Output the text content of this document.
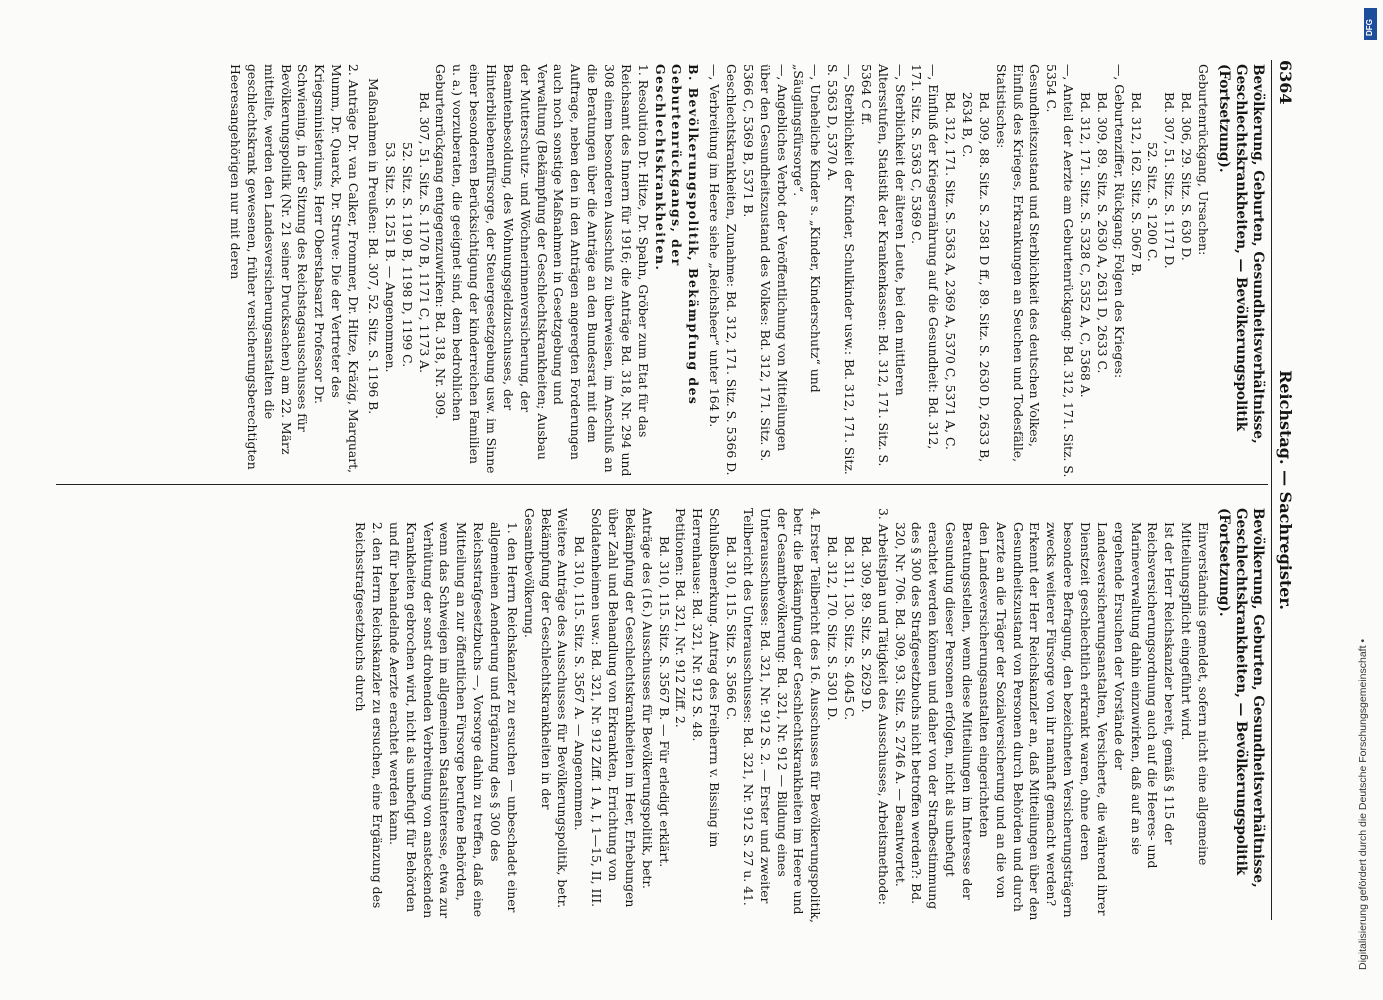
6364
Reichstag. — Sachregister.

Bevölkerung, Geburten, Gesundheitsverhältnisse, Geschlechtskrankheiten, — Bevölkerungspolitik (Fortsetzung).

Geburtenrückgang, Ursachen:

Bd. 306, 29. Sitz. S. 630 D.

Bd. 307, 51. Sitz. S. 1171 D.

52. Sitz. S. 1200 C.

Bd. 312, 162. Sitz. S. 5067 B.

—, Geburtenziffer, Rückgang; Folgen des Krieges:

Bd. 309, 89. Sitz. S. 2630 A, 2631 D, 2633 C.

Bd. 312, 171. Sitz. S. 5328 C, 5352 A, C, 5368 A.

—, Anteil der Aerzte am Geburtenrückgang: Bd. 312, 171. Sitz. S. 5354 C.

Gesundheitszustand und Sterblichkeit des deutschen Volkes, Einfluß des Krieges, Erkrankungen an Seuchen und Todesfälle, Statistisches:

Bd. 309, 88. Sitz. S. 2581 D ff., 89. Sitz. S. 2630 D, 2633 B, 2634 B, C.

Bd. 312, 171. Sitz. S. 5363 A, 2369 A, 5370 C, 5371 A, C.

—, Einfluß der Kriegsernährung auf die Gesundheit: Bd. 312, 171. Sitz. S. 5363 C, 5369 C.

—, Sterblichkeit der älteren Leute, bei den mittleren Altersstufen, Statistik der Krankenkassen: Bd. 312, 171. Sitz. S. 5364 C ff.

—, Sterblichkeit der Kinder, Schulkinder usw.: Bd. 312, 171. Sitz. S. 5363 D, 5370 A.

—, Uneheliche Kinder s. „Kinder, Kinderschutz“ und „Säuglingsfürsorge“.

—, Angebliches Verbot der Veröffentlichung von Mitteilungen über den Gesundheitszustand des Volkes: Bd. 312, 171. Sitz. S. 5366 C, 5369 B, 5371 B.

Geschlechtskrankheiten, Zunahme: Bd. 312, 171. Sitz. S. 5366 D.

—, Verbreitung im Heere siehe „Reichsheer“ unter 164 b.

B. Bevölkerungspolitik, Bekämpfung des Geburtenrückgangs, der Geschlechtskrankheiten.

1. Resolution Dr. Hitze, Dr. Spahn, Gröber zum Etat für das Reichsamt des Innern für 1916; die Anträge Bd. 318, Nr. 294 und 308 einem besonderen Ausschuß zu überweisen, im Anschluß an die Beratungen über die Anträge an den Bundesrat mit dem Auftrage, neben den in den Anträgen angeregten Forderungen auch noch sonstige Maßnahmen in Gesetzgebung und Verwaltung (Bekämpfung der Geschlechtskrankheiten; Ausbau der Mutterschutz- und Wöchnerinnenversicherung, der Beamtenbesoldung, des Wohnungsgeldzuschusses, der Hinterbliebenenfürsorge, der Steuergesetzgebung usw. im Sinne einer besonderen Berücksichtigung der kinderreichen Familien u. a.) vorzuberaten, die geeignet sind, dem bedrohlichen Geburtenrückgang entgegenzuwirken: Bd. 318, Nr. 309.

Bd. 307, 51. Sitz. S. 1170 B, 1171 C, 1173 A.

52. Sitz. S. 1190 B, 1198 D, 1199 C.

53. Sitz. S. 1251 B. — Angenommen.

Maßnahmen in Preußen: Bd. 307, 52. Sitz. S. 1196 B.

2. Anträge Dr. van Calker, Frommer, Dr. Hitze, Kräzig, Marquart, Mumm, Dr. Quarck, Dr. Struve: Die der Vertreter des Kriegsministeriums, Herr Oberstabsarzt Professor Dr. Schwiening, in der Sitzung des Reichstagsausschusses für Bevölkerungspolitik (Nr. 21 seiner Drucksachen) am 22. März mitteilte, werden den Landesversicherungsanstalten die geschlechtskrank gewesenen, früher versicherungsberechtigten Heeresangehörigen nur mit deren

Bevölkerung, Geburten, Gesundheitsverhältnisse, Geschlechtskrankheiten, — Bevölkerungspolitik (Fortsetzung).

Einverständnis gemeldet, sofern nicht eine allgemeine Mitteilungspflicht eingeführt wird.

Ist der Herr Reichskanzler bereit, gemäß § 115 der Reichsversicherungsordnung auch auf die Heeres- und Marineverwaltung dahin einzuwirken, daß auf an sie ergehende Ersuchen der Vorstände der Landesversicherungsanstalten, Versicherte, die während ihrer Dienstzeit geschlechtlich erkrankt waren, ohne deren besondere Befragung, den bezeichneten Versicherungsträgern zwecks weiterer Fürsorge von ihr namhaft gemacht werden?

Erkennt der Herr Reichskanzler an, daß Mitteilungen über den Gesundheitszustand von Personen durch Behörden und durch Aerzte an die Träger der Sozialversicherung und an die von den Landesversicherungsanstalten eingerichteten Beratungsstellen, wenn diese Mitteilungen im Interesse der Gesundung dieser Personen erfolgen, nicht als unbefugt erachtet werden können und daher von der Strafbestimmung des § 300 des Strafgesetzbuchs nicht betroffen werden?: Bd. 320, Nr. 706. Bd. 309, 93. Sitz. S. 2746 A. — Beantwortet.

3. Arbeitsplan und Tätigkeit des Ausschusses, Arbeitsmethode:

Bd. 309, 89. Sitz. S. 2629 D.

Bd. 311, 130. Sitz. S. 4045 C.

Bd. 312, 170. Sitz. S. 5301 D.

4. Erster Teilbericht des 16. Ausschusses für Bevölkerungspolitik, betr. die Bekämpfung der Geschlechtskrankheiten im Heere und der Gesamtbevölkerung: Bd. 321, Nr. 912 — Bildung eines Unterausschusses: Bd. 321, Nr. 912 S. 2. — Erster und zweiter Teilbericht des Unterausschusses: Bd. 321, Nr. 912 S. 27 u. 41.

Bd. 310, 115. Sitz. S. 3566 C.

Schlußbemerkung. Antrag des Freiherrn v. Bissing im Herrenhause: Bd. 321, Nr. 912 S. 48.

Petitionen: Bd. 321, Nr. 912 Ziff. 2.

Bd. 310, 115. Sitz. S. 3567 B. — Für erledigt erklärt.

Anträge des (16.) Ausschusses für Bevölkerungspolitik, betr. Bekämpfung der Geschlechtskrankheiten im Heer, Erhebungen über Zahl und Behandlung von Erkrankten, Errichtung von Soldatenheimen usw.: Bd. 321, Nr. 912 Ziff. 1 A, I, 1—15, II, III.

Bd. 310, 115. Sitz. S. 3567 A. — Angenommen.

Weitere Anträge des Ausschusses für Bevölkerungspolitik, betr. Bekämpfung der Geschlechtskrankheiten in der Gesamtbevölkerung.

1. den Herrn Reichskanzler zu ersuchen — unbeschadet einer allgemeinen Aenderung und Ergänzung des § 300 des Reichsstrafgesetzbuchs —, Vorsorge dahin zu treffen, daß eine Mitteilung an zur öffentlichen Fürsorge berufene Behörden, wenn das Schweigen im allgemeinen Staatsinteresse, etwa zur Verhütung der sonst drohenden Verbreitung von ansteckenden Krankheiten gebrochen wird, nicht als unbefugt für Behörden und für behandelnde Aerzte erachtet werden kann.

2. den Herrn Reichskanzler zu ersuchen, eine Ergänzung des Reichsstrafgesetzbuchs durch

Digitalisierung gefördert durch die Deutsche Forschungsgemeinschaft •
DFG
